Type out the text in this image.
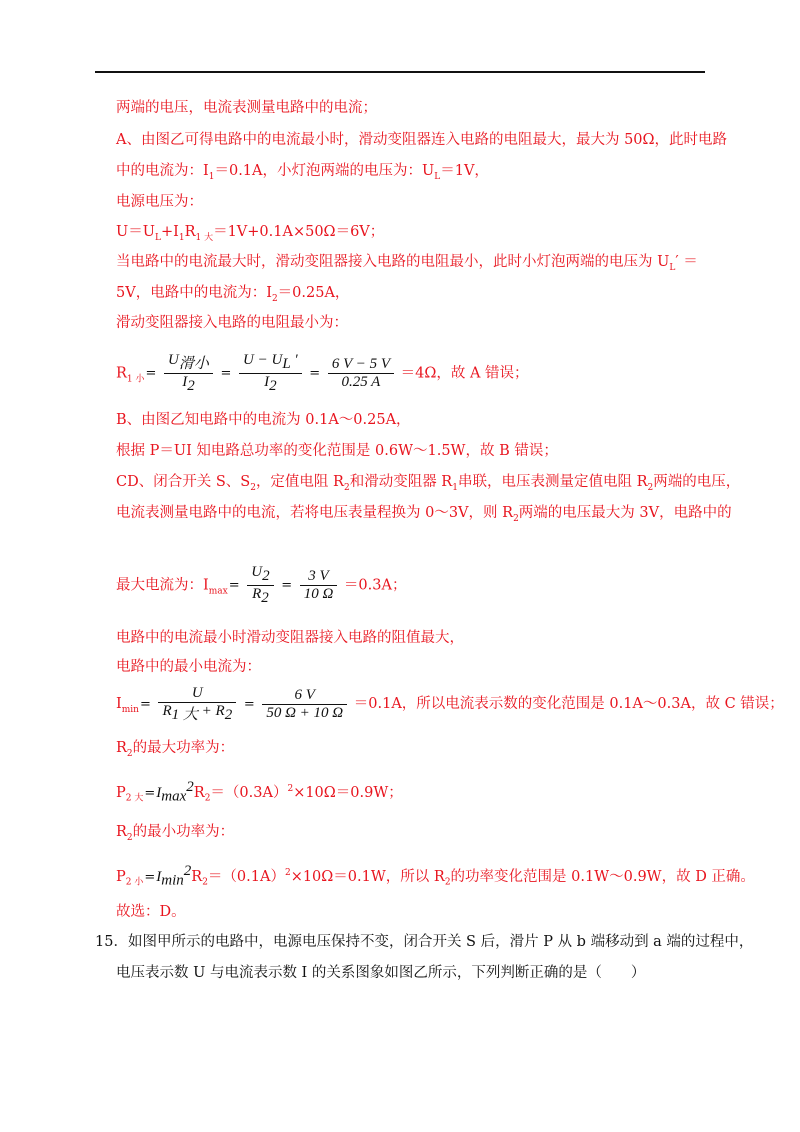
两端的电压，电流表测量电路中的电流；
A、由图乙可得电路中的电流最小时，滑动变阻器连入电路的电阻最大，最大为 50Ω，此时电路
中的电流为：$I_1=0.1A$，小灯泡两端的电压为：$U_L=1V$，
电源电压为：
$U=U_L+I_1R_{1 大}=1V+0.1A\times 50\Omega=6V$；
当电路中的电流最大时，滑动变阻器接入电路的电阻最小，此时小灯泡两端的电压为 $U_L'$ ＝
5V，电路中的电流为：$I_2=0.25A$，
滑动变阻器接入电路的电阻最小为：
$R_{1 小}= \frac{U_{滑小}}{I_2} = \frac{U - U_L '}{I_2} = \frac{6 V - 5 V}{0.25 A} =4\Omega$，故 A 错误；
B、由图乙知电路中的电流为 0.1A～0.25A，
根据 P＝UI 知电路总功率的变化范围是 0.6W～1.5W，故 B 错误；
CD、闭合开关 S、$S_2$，定值电阻 $R_2$和滑动变阻器 $R_1$串联，电压表测量定值电阻 $R_2$两端的电压，
电流表测量电路中的电流，若将电压表量程换为 0～3V，则 $R_2$两端的电压最大为 3V，电路中的
最大电流为：$I_{max}= \frac{U_2}{R_2} = \frac{3 V}{10 \Omega} =0.3A$；
电路中的电流最小时滑动变阻器接入电路的阻值最大，
电路中的最小电流为：
$I_{min}= \frac{U}{R_{1 大} + R_2} = \frac{6 V}{50 \Omega + 10 \Omega} =0.1A$，所以电流表示数的变化范围是 0.1A～0.3A，故 C 错误；
$R_2$的最大功率为：
$P_{2 大}=I_{max}^2R_2=(0.3A)^2\times 10\Omega=0.9W$；
$R_2$的最小功率为：
$P_{2 小}=I_{min}^2R_2=(0.1A)^2\times 10\Omega=0.1W$，所以 $R_2$的功率变化范围是 0.1W～0.9W，故 D 正确。
故选：D。
15．如图甲所示的电路中，电源电压保持不变，闭合开关 S 后，滑片 P 从 b 端移动到 a 端的过程中，
电压表示数 U 与电流表示数 I 的关系图象如图乙所示，下列判断正确的是（　　）
